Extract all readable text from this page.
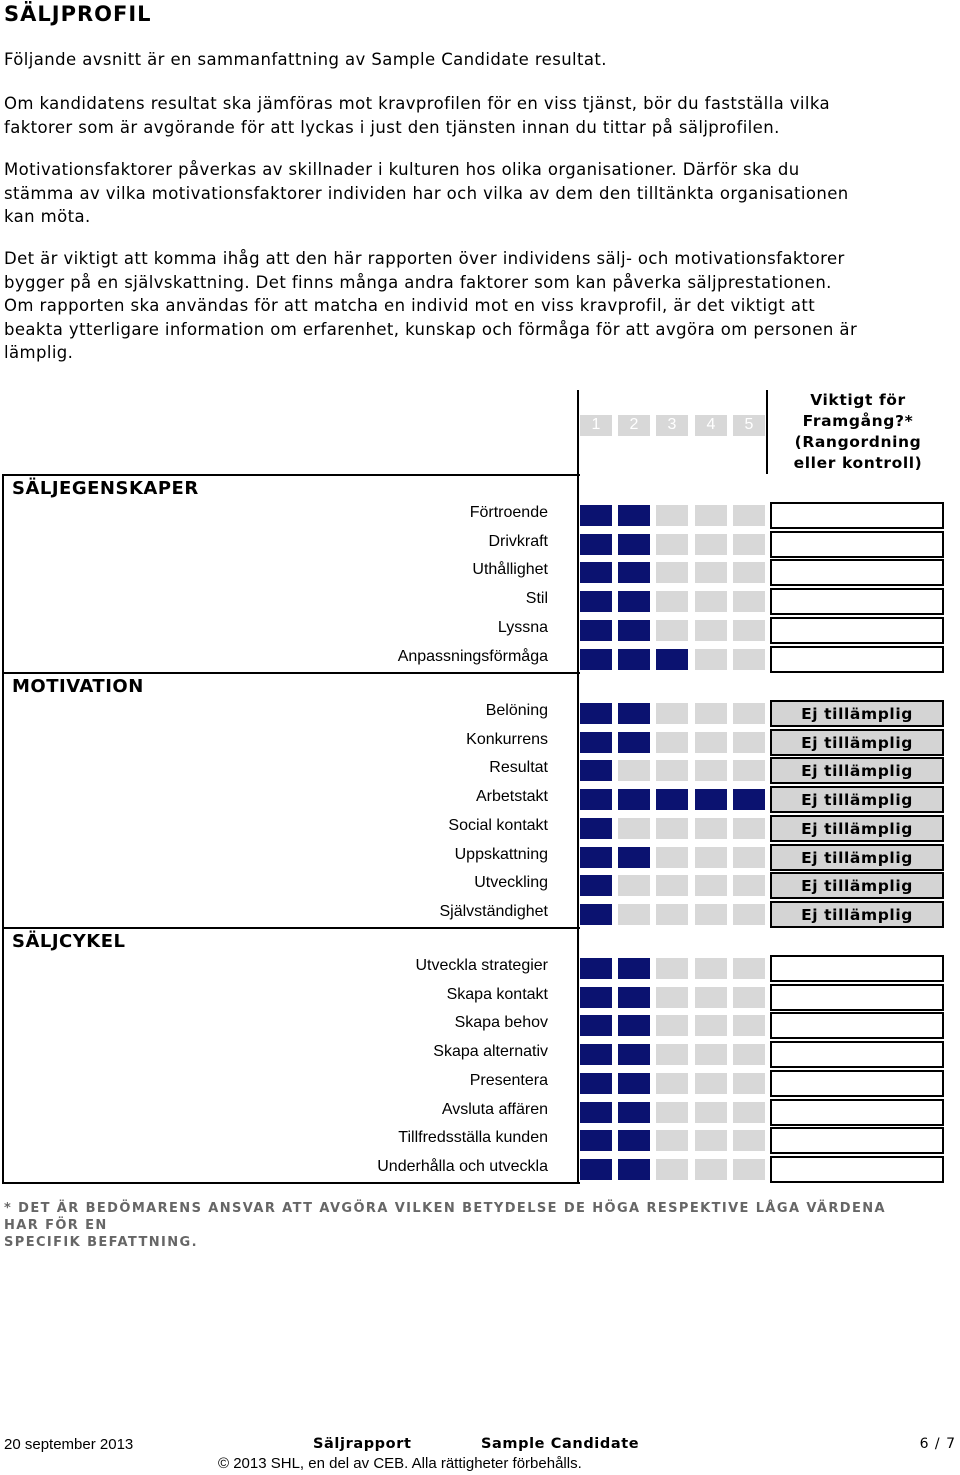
SÄLJPROFIL
Följande avsnitt är en sammanfattning av Sample Candidate resultat.
Om kandidatens resultat ska jämföras mot kravprofilen för en viss tjänst, bör du fastställa vilka
faktorer som är avgörande för att lyckas i just den tjänsten innan du tittar på säljprofilen.
Motivationsfaktorer påverkas av skillnader i kulturen hos olika organisationer. Därför ska du
stämma av vilka motivationsfaktorer individen har och vilka av dem den tilltänkta organisationen
kan möta.
Det är viktigt att komma ihåg att den här rapporten över individens sälj- och motivationsfaktorer
bygger på en självskattning. Det finns många andra faktorer som kan påverka säljprestationen.
Om rapporten ska användas för att matcha en individ mot en viss kravprofil, är det viktigt att
beakta ytterligare information om erfarenhet, kunskap och förmåga för att avgöra om personen är
lämplig.
1	2	3	4	5
Viktigt för
Framgång?*
(Rangordning
eller kontroll)
SÄLJEGENSKAPER
MOTIVATION
SÄLJCYKEL
Förtroende
Drivkraft
Uthållighet
Stil
Lyssna
Anpassningsförmåga
Belöning	Ej tillämplig
Konkurrens	Ej tillämplig
Resultat	Ej tillämplig
Arbetstakt	Ej tillämplig
Social kontakt	Ej tillämplig
Uppskattning	Ej tillämplig
Utveckling	Ej tillämplig
Självständighet	Ej tillämplig
Utveckla strategier
Skapa kontakt
Skapa behov
Skapa alternativ
Presentera
Avsluta affären
Tillfredsställa kunden
Underhålla och utveckla
* DET ÄR BEDÖMARENS ANSVAR ATT AVGÖRA VILKEN BETYDELSE DE HÖGA RESPEKTIVE LÅGA VÄRDENA HAR FÖR EN
SPECIFIK BEFATTNING.
20 september 2013	Säljrapport	Sample Candidate	6 / 7
© 2013 SHL, en del av CEB. Alla rättigheter förbehålls.
